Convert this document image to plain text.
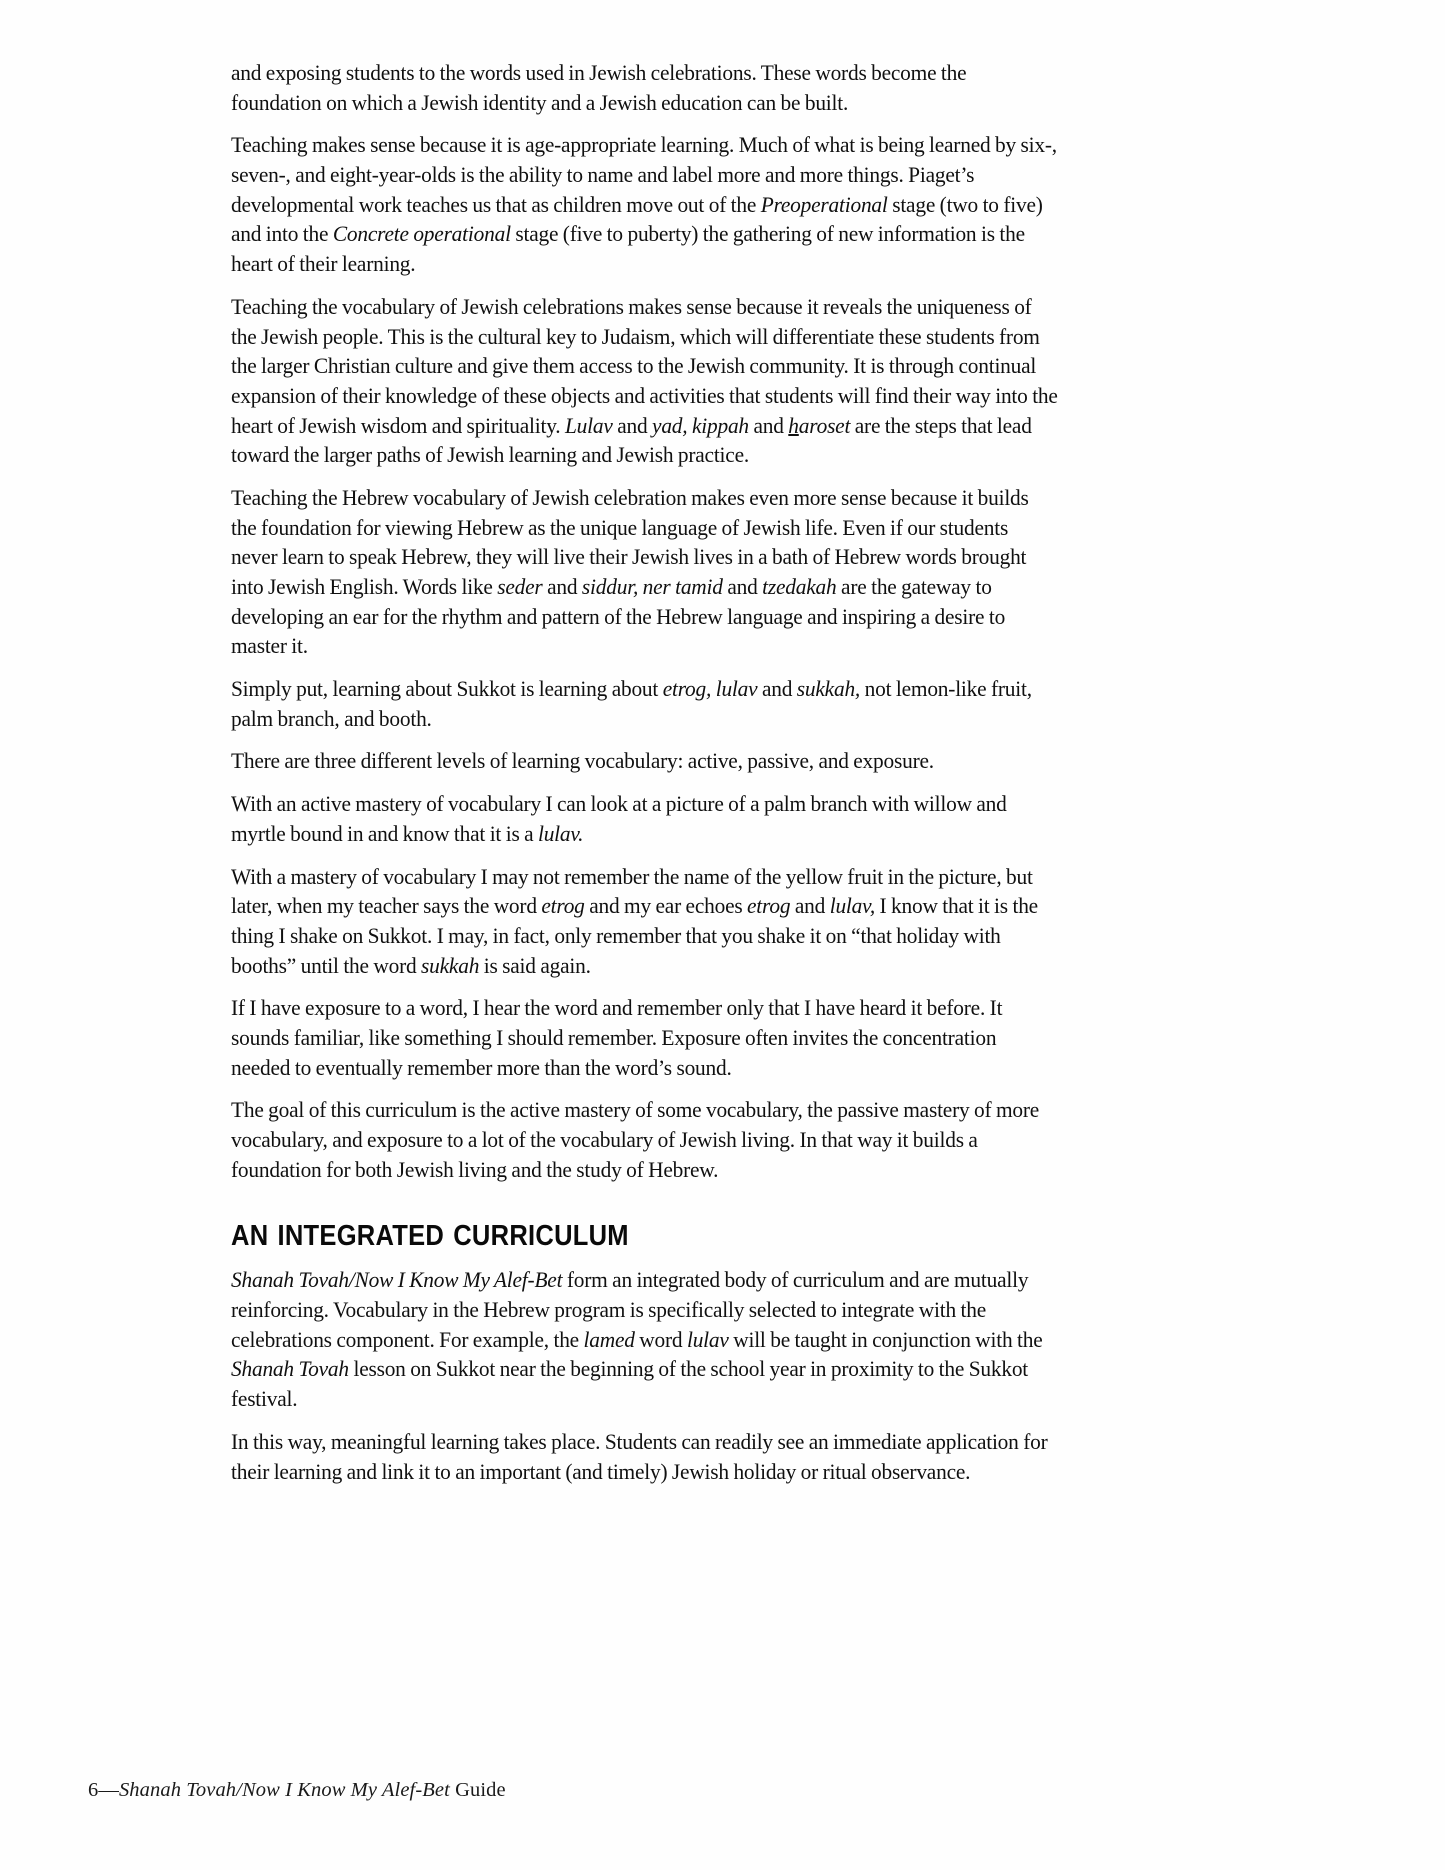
and exposing students to the words used in Jewish celebrations. These words become the foundation on which a Jewish identity and a Jewish education can be built.

Teaching makes sense because it is age-appropriate learning. Much of what is being learned by six-, seven-, and eight-year-olds is the ability to name and label more and more things. Piaget’s developmental work teaches us that as children move out of the Preoperational stage (two to five) and into the Concrete operational stage (five to puberty) the gathering of new information is the heart of their learning.

Teaching the vocabulary of Jewish celebrations makes sense because it reveals the uniqueness of the Jewish people. This is the cultural key to Judaism, which will differentiate these students from the larger Christian culture and give them access to the Jewish community. It is through continual expansion of their knowledge of these objects and activities that students will find their way into the heart of Jewish wisdom and spirituality. Lulav and yad, kippah and haroset are the steps that lead toward the larger paths of Jewish learning and Jewish practice.

Teaching the Hebrew vocabulary of Jewish celebration makes even more sense because it builds the foundation for viewing Hebrew as the unique language of Jewish life. Even if our students never learn to speak Hebrew, they will live their Jewish lives in a bath of Hebrew words brought into Jewish English. Words like seder and siddur, ner tamid and tzedakah are the gateway to developing an ear for the rhythm and pattern of the Hebrew language and inspiring a desire to master it.

Simply put, learning about Sukkot is learning about etrog, lulav and sukkah, not lemon-like fruit, palm branch, and booth.

There are three different levels of learning vocabulary: active, passive, and exposure.

With an active mastery of vocabulary I can look at a picture of a palm branch with willow and myrtle bound in and know that it is a lulav.

With a mastery of vocabulary I may not remember the name of the yellow fruit in the picture, but later, when my teacher says the word etrog and my ear echoes etrog and lulav, I know that it is the thing I shake on Sukkot. I may, in fact, only remember that you shake it on “that holiday with booths” until the word sukkah is said again.

If I have exposure to a word, I hear the word and remember only that I have heard it before. It sounds familiar, like something I should remember. Exposure often invites the concentration needed to eventually remember more than the word’s sound.

The goal of this curriculum is the active mastery of some vocabulary, the passive mastery of more vocabulary, and exposure to a lot of the vocabulary of Jewish living. In that way it builds a foundation for both Jewish living and the study of Hebrew.

AN INTEGRATED CURRICULUM

Shanah Tovah/Now I Know My Alef-Bet form an integrated body of curriculum and are mutually reinforcing. Vocabulary in the Hebrew program is specifically selected to integrate with the celebrations component. For example, the lamed word lulav will be taught in conjunction with the Shanah Tovah lesson on Sukkot near the beginning of the school year in proximity to the Sukkot festival.

In this way, meaningful learning takes place. Students can readily see an immediate application for their learning and link it to an important (and timely) Jewish holiday or ritual observance.

6—Shanah Tovah/Now I Know My Alef-Bet Guide
